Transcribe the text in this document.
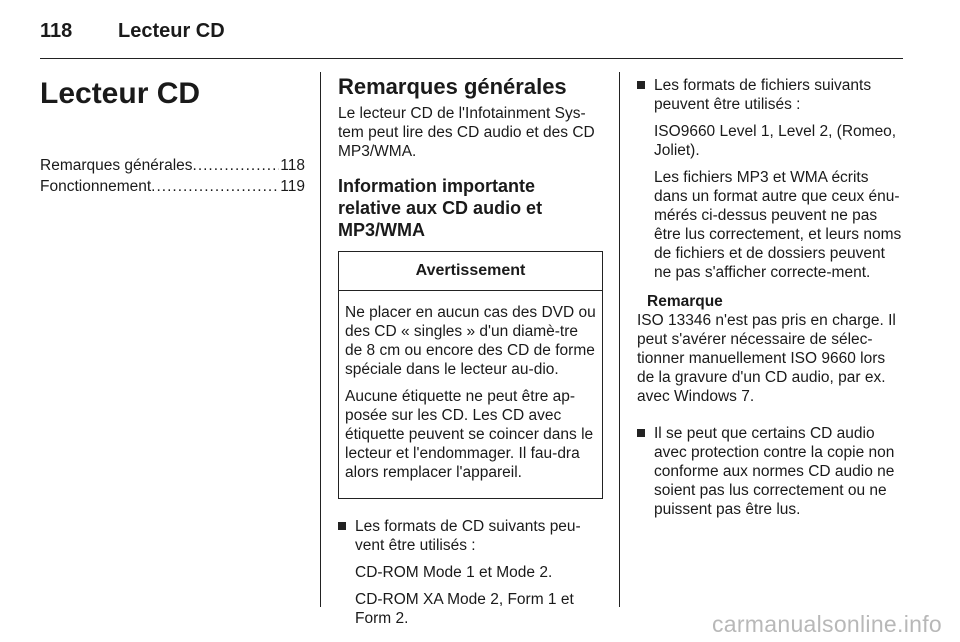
118 Lecteur CD
Lecteur CD
Remarques générales .....	118
Fonctionnement .....	119
Remarques générales

Le lecteur CD de l'Infotainment Sys-tem peut lire des CD audio et des CD MP3/WMA.

Information importante relative aux CD audio et MP3/WMA
Avertissement

Ne placer en aucun cas des DVD ou des CD « singles » d'un diamè-tre de 8 cm ou encore des CD de forme spéciale dans le lecteur au-dio.

Aucune étiquette ne peut être ap-posée sur les CD. Les CD avec étiquette peuvent se coincer dans le lecteur et l'endommager. Il fau-dra alors remplacer l'appareil.

Les formats de CD suivants peu-vent être utilisés :

CD-ROM Mode 1 et Mode 2.

CD-ROM XA Mode 2, Form 1 et Form 2.

Les formats de fichiers suivants peuvent être utilisés :

ISO9660 Level 1, Level 2, (Romeo, Joliet).

Les fichiers MP3 et WMA écrits dans un format autre que ceux énu-mérés ci-dessus peuvent ne pas être lus correctement, et leurs noms de fichiers et de dossiers peuvent ne pas s'afficher correcte-ment.

Remarque
ISO 13346 n'est pas pris en charge. Il peut s'avérer nécessaire de sélec-tionner manuellement ISO 9660 lors de la gravure d'un CD audio, par ex. avec Windows 7.

Il se peut que certains CD audio avec protection contre la copie non conforme aux normes CD audio ne soient pas lus correctement ou ne puissent pas être lus.

carmanualsonline.info
